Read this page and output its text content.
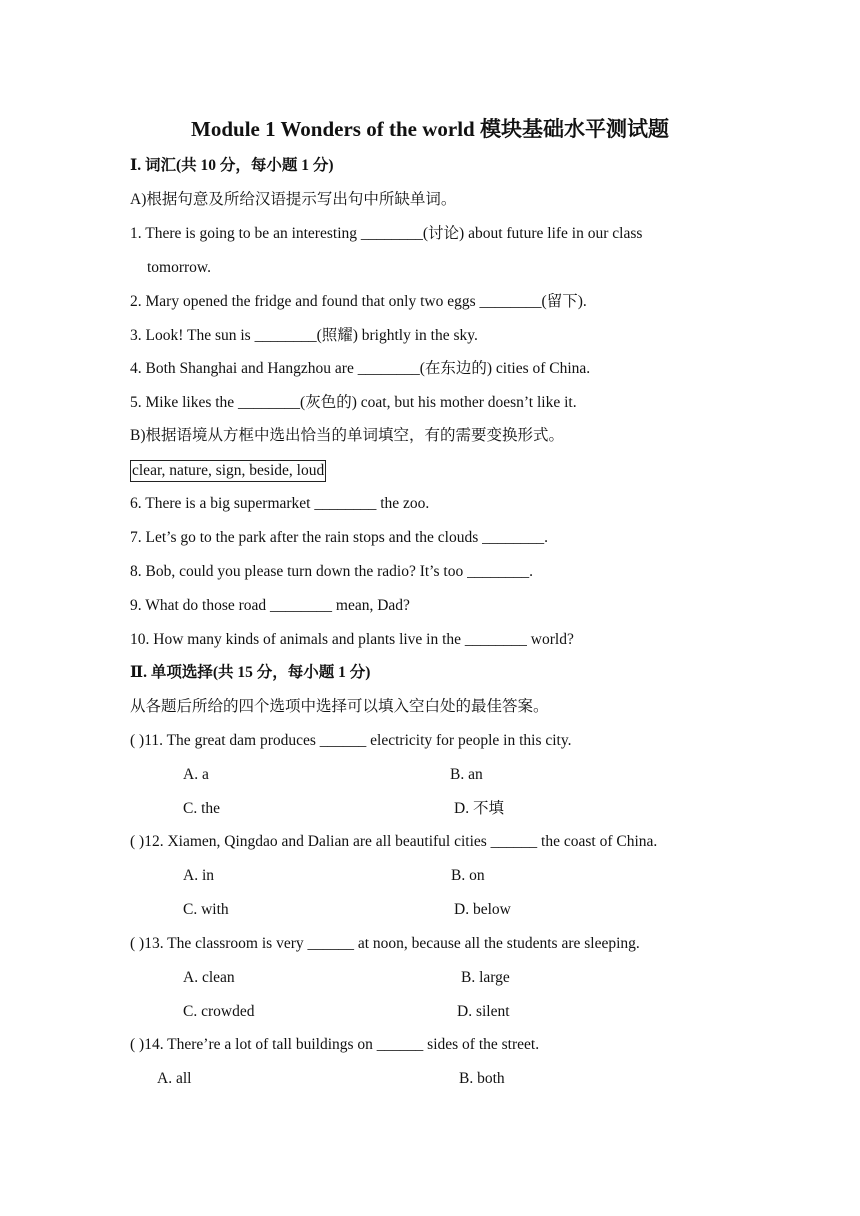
Module 1 Wonders of the world 模块基础水平测试题
Ⅰ. 词汇(共 10 分，每小题 1 分)
A)根据句意及所给汉语提示写出句中所缺单词。
1. There is going to be an interesting ________(讨论) about future life in our class
tomorrow.
2. Mary opened the fridge and found that only two eggs ________(留下).
3. Look! The sun is ________(照耀) brightly in the sky.
4. Both Shanghai and Hangzhou are ________(在东边的) cities of China.
5. Mike likes the ________(灰色的) coat, but his mother doesn’t like it.
B)根据语境从方框中选出恰当的单词填空，有的需要变换形式。
clear, nature, sign, beside, loud
6. There is a big supermarket ________ the zoo.
7. Let’s go to the park after the rain stops and the clouds ________.
8. Bob, could you please turn down the radio? It’s too ________.
9. What do those road ________ mean, Dad?
10. How many kinds of animals and plants live in the ________ world?
Ⅱ. 单项选择(共 15 分，每小题 1 分)
从各题后所给的四个选项中选择可以填入空白处的最佳答案。
( )11. The great dam produces ______ electricity for people in this city.
A. a	B. an
C. the	D. 不填
( )12. Xiamen, Qingdao and Dalian are all beautiful cities ______ the coast of China.
A. in	B. on
C. with	D. below
( )13. The classroom is very ______ at noon, because all the students are sleeping.
A. clean	B. large
C. crowded	D. silent
( )14. There’re a lot of tall buildings on ______ sides of the street.
A. all	B. both
